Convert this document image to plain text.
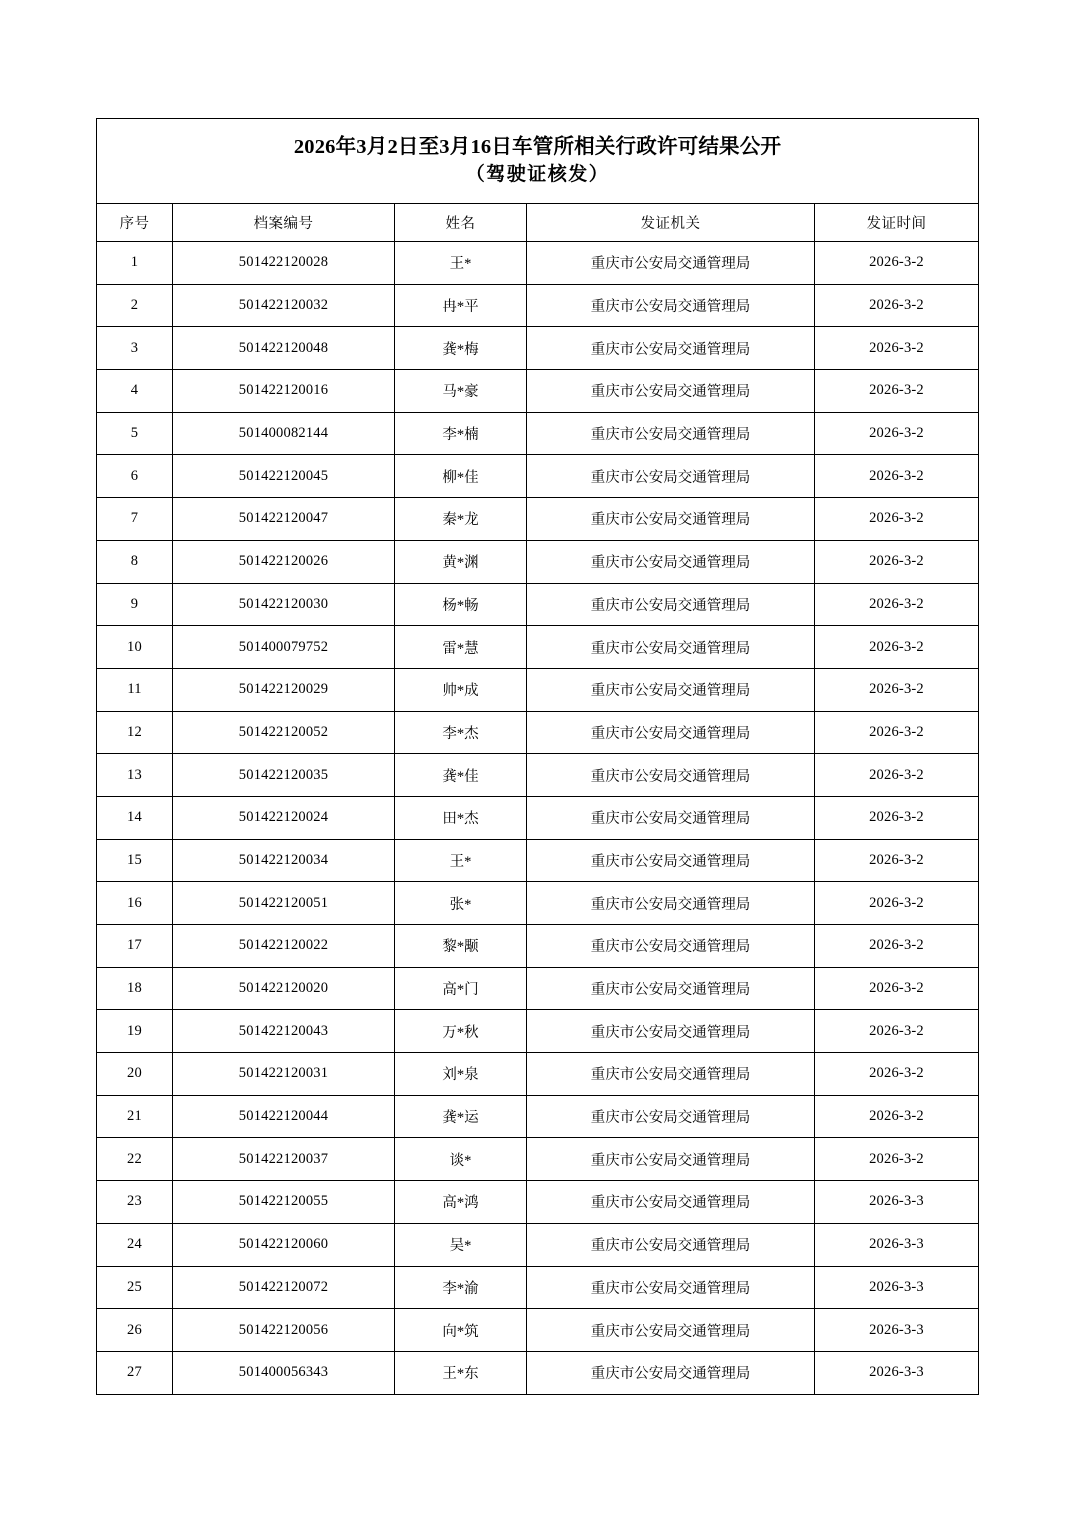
2026年3月2日至3月16日车管所相关行政许可结果公开
（驾驶证核发）				

序号	档案编号	姓名	发证机关	发证时间
1	501422120028	王*	重庆市公安局交通管理局	2026-3-2
2	501422120032	冉*平	重庆市公安局交通管理局	2026-3-2
3	501422120048	龚*梅	重庆市公安局交通管理局	2026-3-2
4	501422120016	马*豪	重庆市公安局交通管理局	2026-3-2
5	501400082144	李*楠	重庆市公安局交通管理局	2026-3-2
6	501422120045	柳*佳	重庆市公安局交通管理局	2026-3-2
7	501422120047	秦*龙	重庆市公安局交通管理局	2026-3-2
8	501422120026	黄*渊	重庆市公安局交通管理局	2026-3-2
9	501422120030	杨*畅	重庆市公安局交通管理局	2026-3-2
10	501400079752	雷*慧	重庆市公安局交通管理局	2026-3-2
11	501422120029	帅*成	重庆市公安局交通管理局	2026-3-2
12	501422120052	李*杰	重庆市公安局交通管理局	2026-3-2
13	501422120035	龚*佳	重庆市公安局交通管理局	2026-3-2
14	501422120024	田*杰	重庆市公安局交通管理局	2026-3-2
15	501422120034	王*	重庆市公安局交通管理局	2026-3-2
16	501422120051	张*	重庆市公安局交通管理局	2026-3-2
17	501422120022	黎*颙	重庆市公安局交通管理局	2026-3-2
18	501422120020	高*门	重庆市公安局交通管理局	2026-3-2
19	501422120043	万*秋	重庆市公安局交通管理局	2026-3-2
20	501422120031	刘*泉	重庆市公安局交通管理局	2026-3-2
21	501422120044	龚*运	重庆市公安局交通管理局	2026-3-2
22	501422120037	谈*	重庆市公安局交通管理局	2026-3-2
23	501422120055	高*鸿	重庆市公安局交通管理局	2026-3-3
24	501422120060	吴*	重庆市公安局交通管理局	2026-3-3
25	501422120072	李*渝	重庆市公安局交通管理局	2026-3-3
26	501422120056	向*筑	重庆市公安局交通管理局	2026-3-3
27	501400056343	王*东	重庆市公安局交通管理局	2026-3-3
